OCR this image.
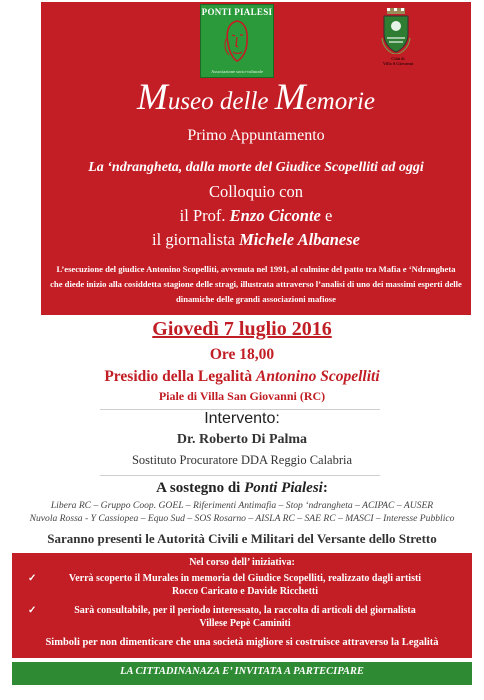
PONTI PIALESI
Associazione socio-culturale
Città di
Villa S.Giovanni
Museo delle Memorie
Primo Appuntamento
La ‘ndrangheta, dalla morte del Giudice Scopelliti ad oggi
Colloquio con
il Prof. Enzo Ciconte e
il giornalista Michele Albanese
L’esecuzione del giudice Antonino Scopelliti, avvenuta nel 1991, al culmine del patto tra Mafia e ‘Ndrangheta che diede inizio alla cosiddetta stagione delle stragi, illustrata attraverso l’analisi di uno dei massimi esperti delle dinamiche delle grandi associazioni mafiose
Giovedì 7 luglio 2016
Ore 18,00
Presidio della Legalità Antonino Scopelliti
Piale di Villa San Giovanni (RC)
Intervento:
Dr. Roberto Di Palma
Sostituto Procuratore DDA Reggio Calabria
A sostegno di Ponti Pialesi:
Libera RC – Gruppo Coop. GOEL – Riferimenti Antimafia – Stop ‘ndrangheta – ACIPAC – AUSER
Nuvola Rossa - Y Cassiopea – Equo Sud – SOS Rosarno – AISLA RC – SAE RC – MASCI – Interesse Pubblico
Saranno presenti le Autorità Civili e Militari del Versante dello Stretto
Nel corso dell’ iniziativa:
✓	Verrà scoperto il Murales in memoria del Giudice Scopelliti, realizzato dagli artisti
Rocco Caricato e Davide Ricchetti
✓	Sarà consultabile, per il periodo interessato, la raccolta di articoli del giornalista
Villese Pepè Caminiti
Simboli per non dimenticare che una società migliore si costruisce attraverso la Legalità
LA CITTADINANAZA E’ INVITATA A PARTECIPARE
